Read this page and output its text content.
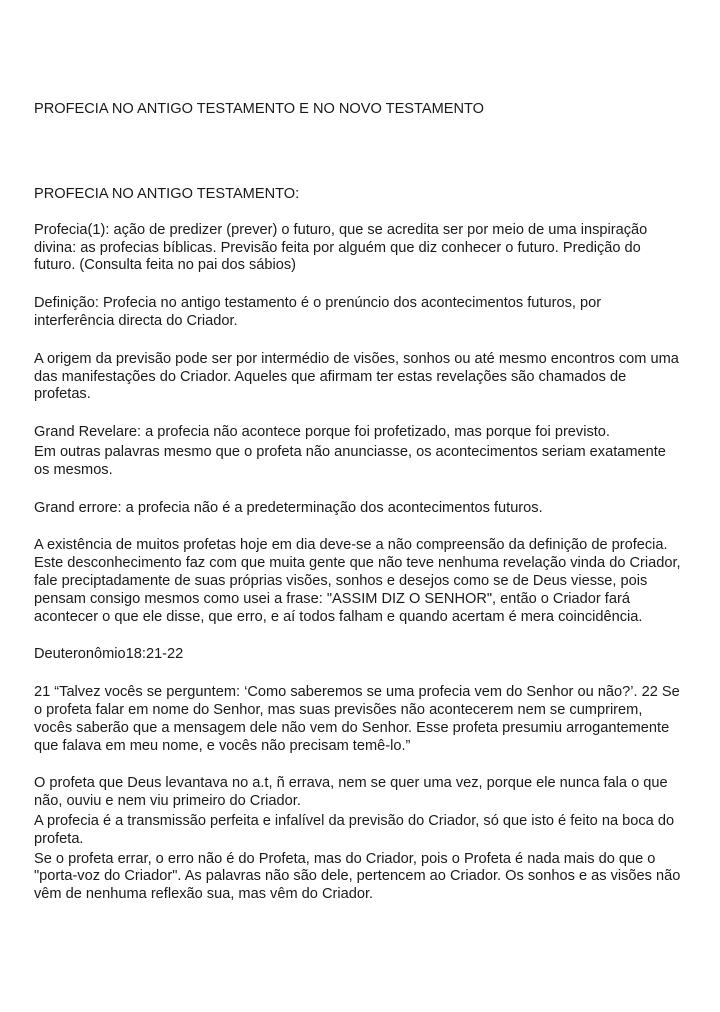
PROFECIA NO ANTIGO TESTAMENTO E NO NOVO TESTAMENTO

PROFECIA NO ANTIGO TESTAMENTO:

Profecia(1): ação de predizer (prever) o futuro, que se acredita ser por meio de uma inspiração divina: as profecias bíblicas. Previsão feita por alguém que diz conhecer o futuro. Predição do futuro. (Consulta feita no pai dos sábios)

Definição: Profecia no antigo testamento é o prenúncio dos acontecimentos futuros, por interferência directa do Criador.

A origem da previsão pode ser por intermédio de visões, sonhos ou até mesmo encontros com uma das manifestações do Criador. Aqueles que afirmam ter estas revelações são chamados de profetas.

Grand Revelare: a profecia não acontece porque foi profetizado, mas porque foi previsto.

Em outras palavras mesmo que o profeta não anunciasse, os acontecimentos seriam exatamente os mesmos.

Grand errore: a profecia não é a predeterminação dos acontecimentos futuros.

A existência de muitos profetas hoje em dia deve-se a não compreensão da definição de profecia. Este desconhecimento faz com que muita gente que não teve nenhuma revelação vinda do Criador, fale preciptadamente de suas próprias visões, sonhos e desejos como se de Deus viesse, pois pensam consigo mesmos como usei a frase: "ASSIM DIZ O SENHOR", então o Criador fará acontecer o que ele disse, que erro, e aí todos falham e quando acertam é mera coincidência.

Deuteronômio18:21-22

21 “Talvez vocês se perguntem: ‘Como saberemos se uma profecia vem do Senhor ou não?’. 22 Se o profeta falar em nome do Senhor, mas suas previsões não acontecerem nem se cumprirem, vocês saberão que a mensagem dele não vem do Senhor. Esse profeta presumiu arrogantemente que falava em meu nome, e vocês não precisam temê-lo.”

O profeta que Deus levantava no a.t, ñ errava, nem se quer uma vez, porque ele nunca fala o que não, ouviu e nem viu primeiro do Criador.

A profecia é a transmissão perfeita e infalível da previsão do Criador, só que isto é feito na boca do profeta.

Se o profeta errar, o erro não é do Profeta, mas do Criador, pois o Profeta é nada mais do que o "porta-voz do Criador". As palavras não são dele, pertencem ao Criador. Os sonhos e as visões não vêm de nenhuma reflexão sua, mas vêm do Criador.
